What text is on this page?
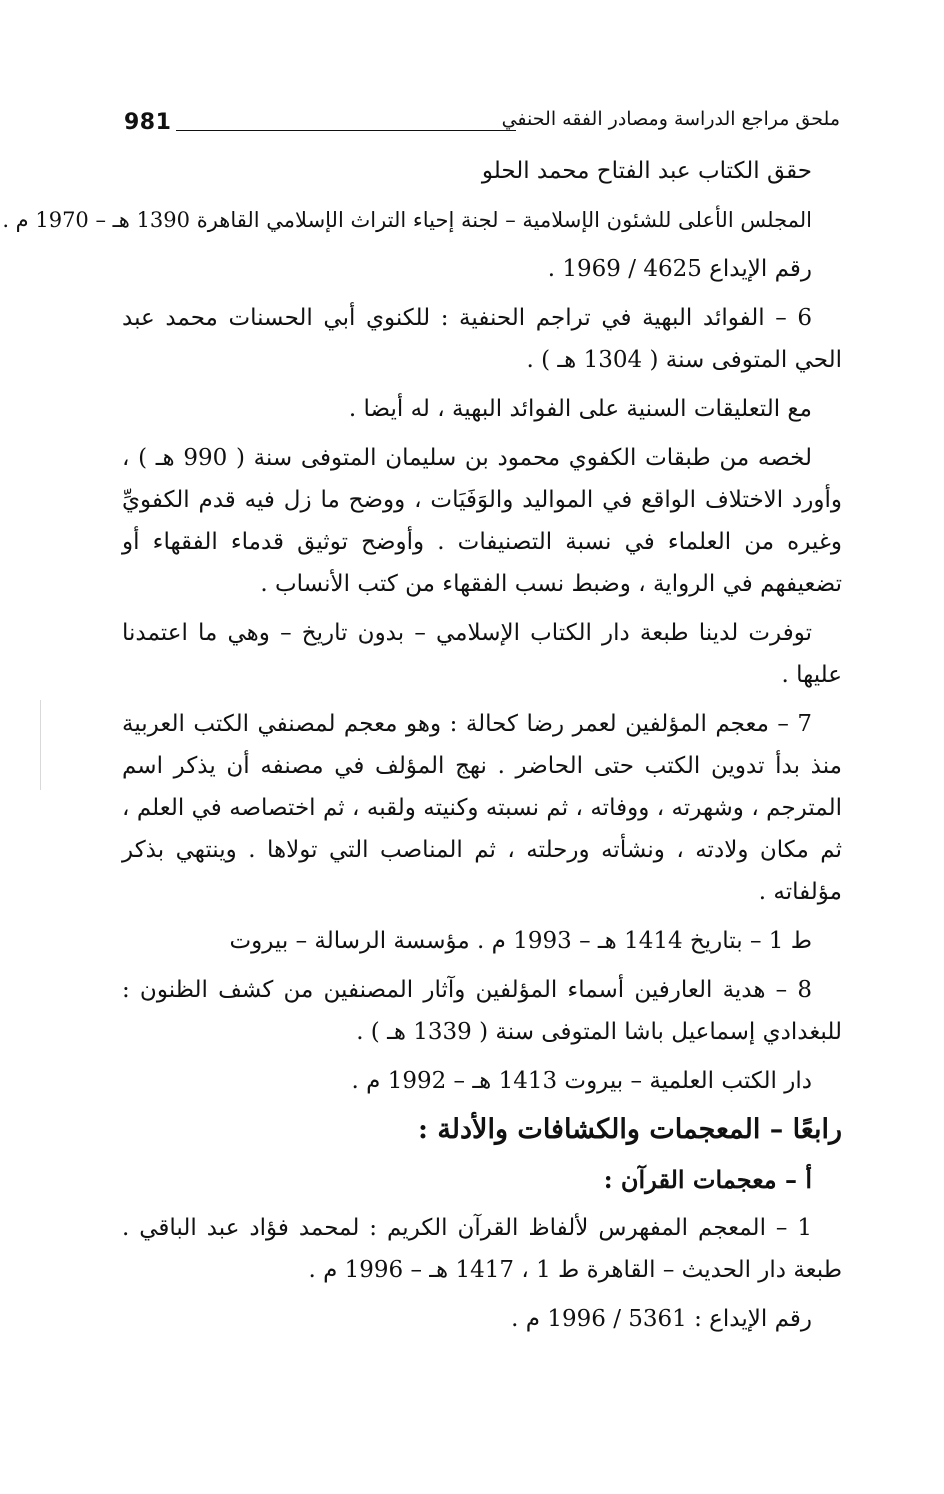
981	ملحق مراجع الدراسة ومصادر الفقه الحنفي

حقق الكتاب عبد الفتاح محمد الحلو

المجلس الأعلى للشئون الإسلامية – لجنة إحياء التراث الإسلامي القاهرة 1390 هـ – 1970 م .

رقم الإيداع 4625 / 1969 .

6 – الفوائد البهية في تراجم الحنفية : للكنوي أبي الحسنات محمد عبد الحي المتوفى سنة ( 1304 هـ ) .

مع التعليقات السنية على الفوائد البهية ، له أيضا .

لخصه من طبقات الكفوي محمود بن سليمان المتوفى سنة ( 990 هـ ) ، وأورد الاختلاف الواقع في المواليد والوَفَيَات ، ووضح ما زل فيه قدم الكفويِّ وغيره من العلماء في نسبة التصنيفات . وأوضح توثيق قدماء الفقهاء أو تضعيفهم في الرواية ، وضبط نسب الفقهاء من كتب الأنساب .

توفرت لدينا طبعة دار الكتاب الإسلامي – بدون تاريخ – وهي ما اعتمدنا عليها .

7 – معجم المؤلفين لعمر رضا كحالة : وهو معجم لمصنفي الكتب العربية منذ بدأ تدوين الكتب حتى الحاضر . نهج المؤلف في مصنفه أن يذكر اسم المترجم ، وشهرته ، ووفاته ، ثم نسبته وكنيته ولقبه ، ثم اختصاصه في العلم ، ثم مكان ولادته ، ونشأته ورحلته ، ثم المناصب التي تولاها . وينتهي بذكر مؤلفاته .

ط 1 – بتاريخ 1414 هـ – 1993 م . مؤسسة الرسالة – بيروت

8 – هدية العارفين أسماء المؤلفين وآثار المصنفين من كشف الظنون : للبغدادي إسماعيل باشا المتوفى سنة ( 1339 هـ ) .

دار الكتب العلمية – بيروت 1413 هـ – 1992 م .

رابعًا – المعجمات والكشافات والأدلة :
أ – معجمات القرآن :

1 – المعجم المفهرس لألفاظ القرآن الكريم : لمحمد فؤاد عبد الباقي . طبعة دار الحديث – القاهرة ط 1 ، 1417 هـ – 1996 م .

رقم الإيداع : 5361 / 1996 م .
